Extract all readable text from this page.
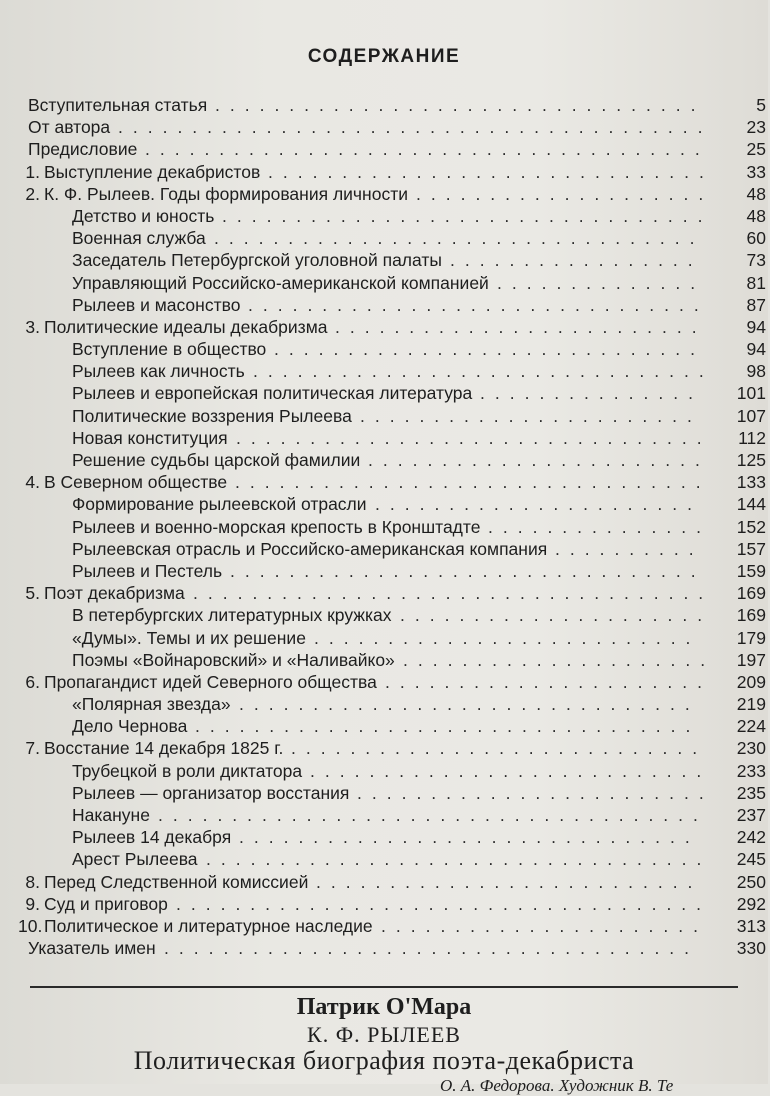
СОДЕРЖАНИЕ
Вступительная статья .................................	5
От автора ........................................	23
Предисловие ......................................	25
1. Выступление декабристов ..............................	33
2. К. Ф. Рылеев. Годы формирования личности ....................	48
Детство и юность .................................	48
Военная служба .................................	60
Заседатель Петербургской уголовной палаты .................	73
Управляющий Российско-американской компанией ..............	81
Рылеев и масонство ...............................	87
3. Политические идеалы декабризма .........................	94
Вступление в общество .............................	94
Рылеев как личность ...............................	98
Рылеев и европейская политическая литература ...............	101
Политические воззрения Рылеева .......................	107
Новая конституция ................................	112
Решение судьбы царской фамилии .......................	125
4. В Северном обществе ................................	133
Формирование рылеевской отрасли ......................	144
Рылеев и военно-морская крепость в Кронштадте ...............	152
Рылеевская отрасль и Российско-американская компания ..........	157
Рылеев и Пестель ................................	159
5. Поэт декабризма ...................................	169
В петербургских литературных кружках .....................	169
«Думы». Темы и их решение ..........................	179
Поэмы «Войнаровский» и «Наливайко» .....................	197
6. Пропагандист идей Северного общества ......................	209
«Полярная звезда» ...............................	219
Дело Чернова ..................................	224
7. Восстание 14 декабря 1825 г. ............................	230
Трубецкой в роли диктатора ...........................	233
Рылеев — организатор восстания ........................	235
Накануне .....................................	237
Рылеев 14 декабря ...............................	242
Арест Рылеева ..................................	245
8. Перед Следственной комиссией ..........................	250
9. Суд и приговор ....................................	292
10. Политическое и литературное наследие ......................	313
Указатель имен ....................................	330
Патрик О'Мара
К. Ф. РЫЛЕЕВ
Политическая биография поэта-декабриста
О. А. Федорова. Художник В. Те
